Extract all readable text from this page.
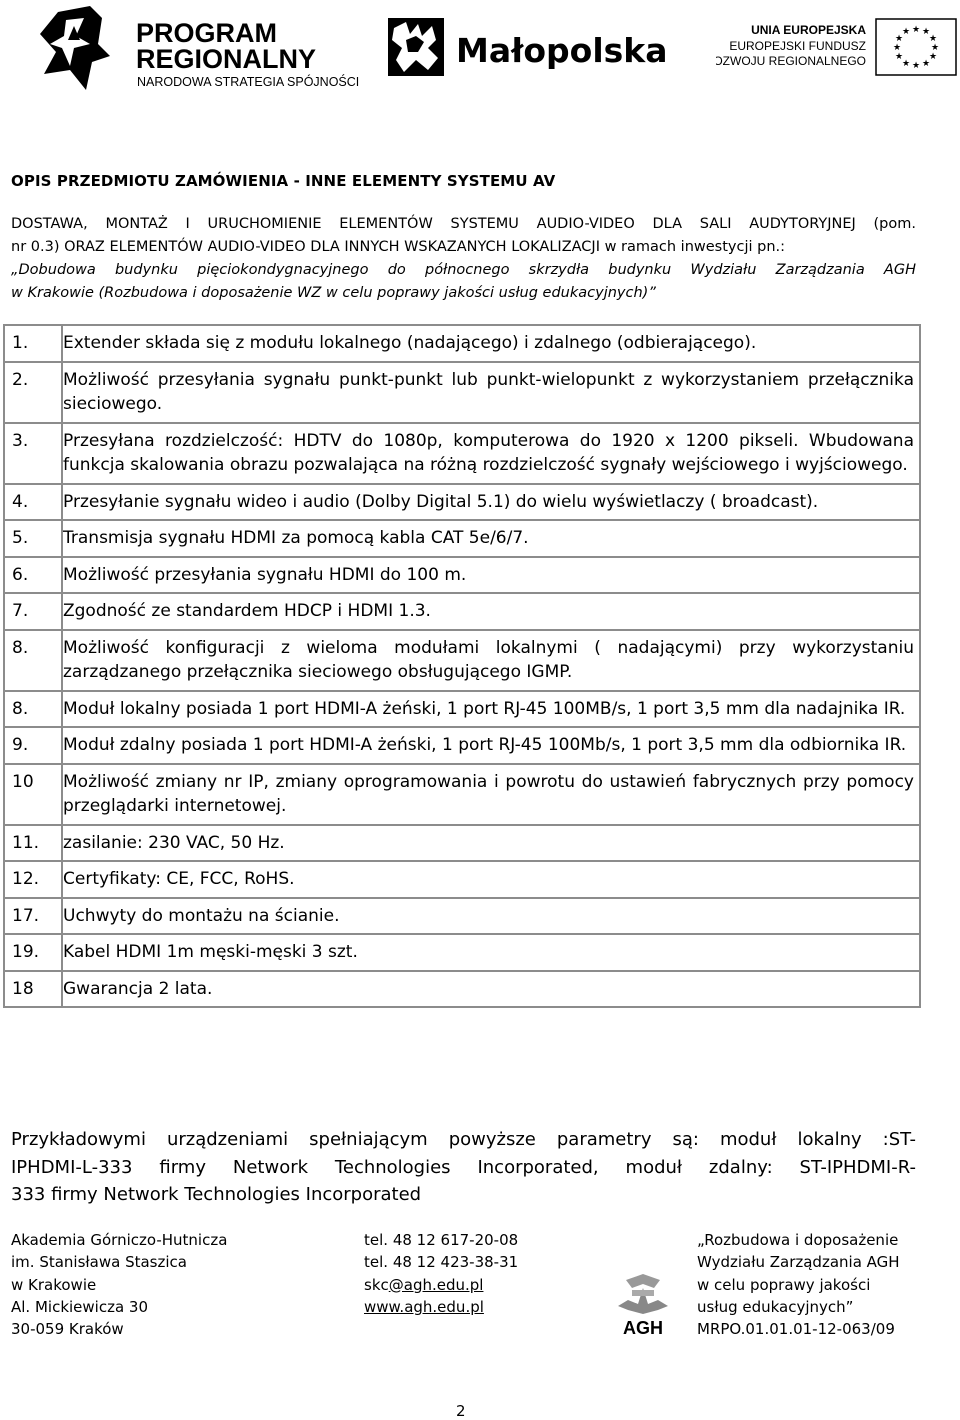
PROGRAM
REGIONALNY
NARODOWA STRATEGIA SPÓJNOŚCI
Małopolska
UNIA EUROPEJSKA
EUROPEJSKI FUNDUSZ
ROZWOJU REGIONALNEGO
★ ★
★
★
★
★
★
★
★
★
★
★
OPIS PRZEDMIOTU ZAMÓWIENIA - INNE ELEMENTY SYSTEMU AV
DOSTAWA, MONTAŻ I URUCHOMIENIE ELEMENTÓW SYSTEMU AUDIO-VIDEO DLA SALI AUDYTORYJNEJ (pom.
nr 0.3) ORAZ ELEMENTÓW AUDIO-VIDEO DLA INNYCH WSKAZANYCH LOKALIZACJI w ramach inwestycji pn.:
„Dobudowa budynku pięciokondygnacyjnego do północnego skrzydła budynku Wydziału Zarządzania AGH
w Krakowie (Rozbudowa i doposażenie WZ w celu poprawy jakości usług edukacyjnych)”
1.	Extender składa się z modułu lokalnego (nadającego) i zdalnego (odbierającego).
2.	Możliwość przesyłania sygnału punkt-punkt lub punkt-wielopunkt z wykorzystaniem przełącznika sieciowego.
3.	Przesyłana rozdzielczość: HDTV do 1080p, komputerowa do 1920 x 1200 pikseli. Wbudowana funkcja skalowania obrazu pozwalająca na różną rozdzielczość sygnały wejściowego i wyjściowego.
4.	Przesyłanie sygnału wideo i audio (Dolby Digital 5.1) do wielu wyświetlaczy ( broadcast).
5.	Transmisja sygnału HDMI za pomocą kabla CAT 5e/6/7.
6.	Możliwość przesyłania sygnału HDMI do 100 m.
7.	Zgodność ze standardem HDCP i HDMI 1.3.
8.	Możliwość konfiguracji z wieloma modułami lokalnymi ( nadającymi) przy wykorzystaniu zarządzanego przełącznika sieciowego obsługującego IGMP.
8.	Moduł lokalny posiada 1 port HDMI-A żeński, 1 port RJ-45 100MB/s, 1 port 3,5 mm dla nadajnika IR.
9.	Moduł zdalny posiada 1 port HDMI-A żeński, 1 port RJ-45 100Mb/s, 1 port 3,5 mm dla odbiornika IR.
10	Możliwość zmiany nr IP, zmiany oprogramowania i powrotu do ustawień fabrycznych przy pomocy przeglądarki internetowej.
11.	zasilanie: 230 VAC, 50 Hz.
12.	Certyfikaty: CE, FCC, RoHS.
17.	Uchwyty do montażu na ścianie.
19.	Kabel HDMI 1m męski-męski 3 szt.
18	Gwarancja 2 lata.
Przykładowymi urządzeniami spełniającym powyższe parametry są: moduł lokalny :ST-
IPHDMI-L-333 firmy Network Technologies Incorporated, moduł zdalny: ST-IPHDMI-R-
333 firmy Network Technologies Incorporated
Akademia Górniczo-Hutnicza
im. Stanisława Staszica
w Krakowie
Al. Mickiewicza 30
30-059 Kraków
tel. 48 12 617-20-08
tel. 48 12 423-38-31
skc@agh.edu.pl
www.agh.edu.pl
AGH
„Rozbudowa i doposażenie
Wydziału Zarządzania AGH
w celu poprawy jakości
usług edukacyjnych”
MRPO.01.01.01-12-063/09
2
